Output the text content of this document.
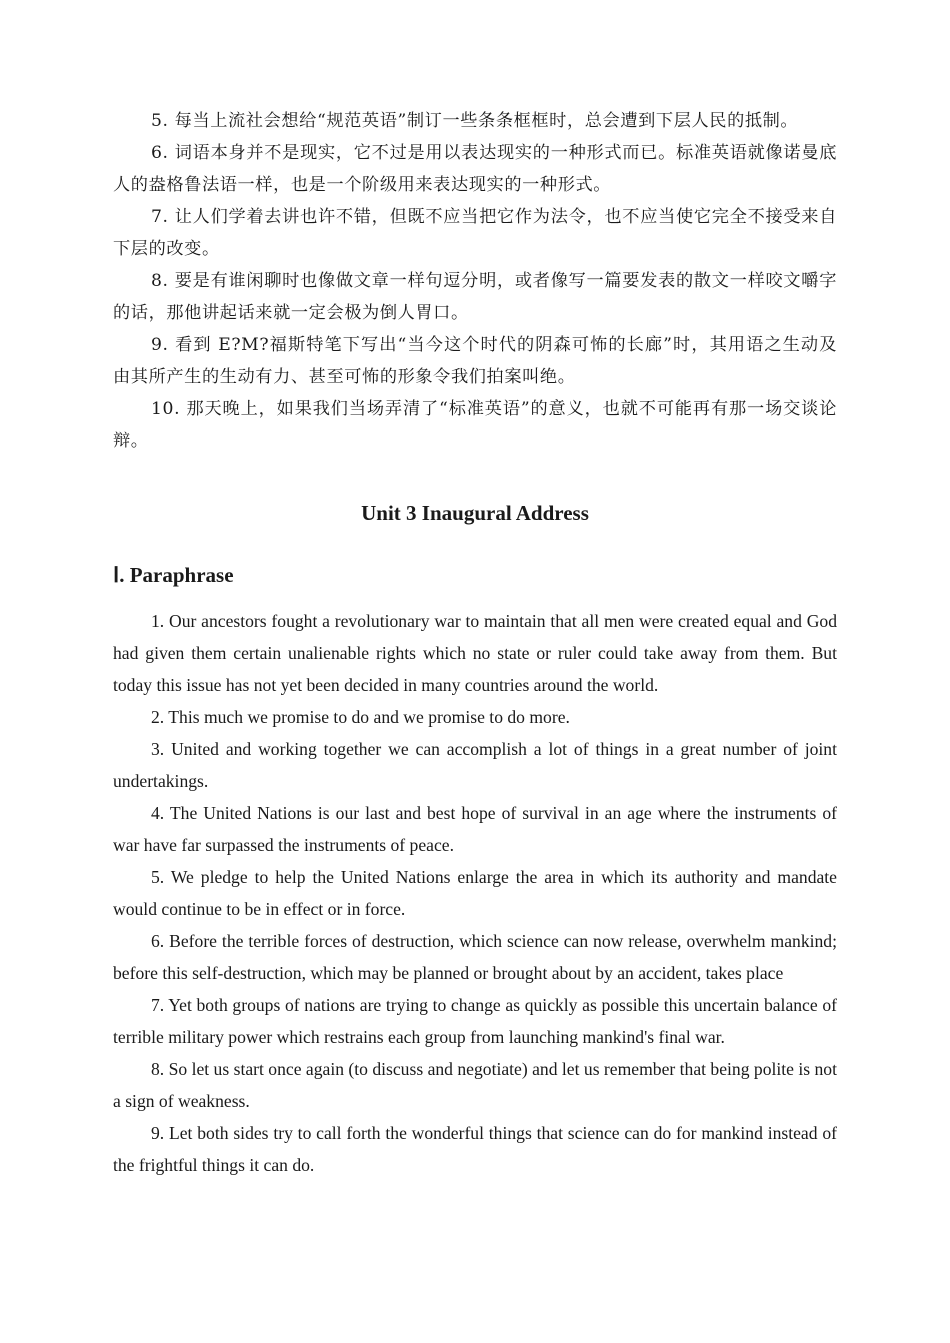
5. 每当上流社会想给“规范英语”制订一些条条框框时，总会遭到下层人民的抵制。

6. 词语本身并不是现实，它不过是用以表达现实的一种形式而已。标准英语就像诺曼底人的盎格鲁法语一样，也是一个阶级用来表达现实的一种形式。

7. 让人们学着去讲也许不错，但既不应当把它作为法令，也不应当使它完全不接受来自下层的改变。

8. 要是有谁闲聊时也像做文章一样句逗分明，或者像写一篇要发表的散文一样咬文嚼字的话，那他讲起话来就一定会极为倒人胃口。

9. 看到 E?M?福斯特笔下写出“当今这个时代的阴森可怖的长廊”时，其用语之生动及由其所产生的生动有力、甚至可怖的形象令我们拍案叫绝。

10. 那天晚上，如果我们当场弄清了“标准英语”的意义，也就不可能再有那一场交谈论辩。

Unit 3 Inaugural Address
Ⅰ. Paraphrase

1. Our ancestors fought a revolutionary war to maintain that all men were created equal and God had given them certain unalienable rights which no state or ruler could take away from them. But today this issue has not yet been decided in many countries around the world.

2. This much we promise to do and we promise to do more.

3. United and working together we can accomplish a lot of things in a great number of joint undertakings.

4. The United Nations is our last and best hope of survival in an age where the instruments of war have far surpassed the instruments of peace.

5. We pledge to help the United Nations enlarge the area in which its authority and mandate would continue to be in effect or in force.

6. Before the terrible forces of destruction, which science can now release, overwhelm mankind; before this self-destruction, which may be planned or brought about by an accident, takes place

7. Yet both groups of nations are trying to change as quickly as possible this uncertain balance of terrible military power which restrains each group from launching mankind's final war.

8. So let us start once again (to discuss and negotiate) and let us remember that being polite is not a sign of weakness.

9. Let both sides try to call forth the wonderful things that science can do for mankind instead of the frightful things it can do.
